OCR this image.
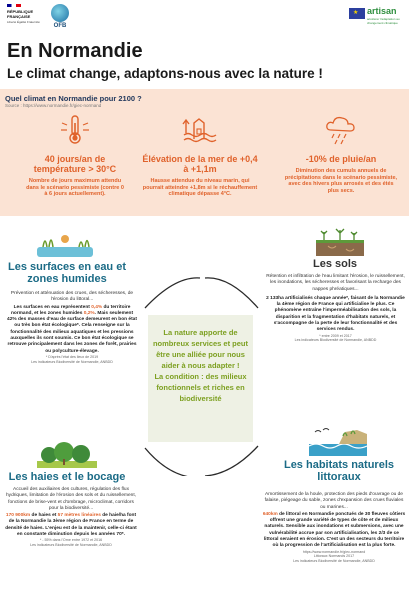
RÉPUBLIQUE FRANÇAISE
Liberté Égalité Fraternité
OFB
★ artisan
accélérer l'adaptation au changement climatique
En Normandie
Le climat change, adaptons-nous avec la nature !
Quel climat en Normandie pour 2100 ?
Source : https://www.normandie.fr/giec-normand
40 jours/an de température > 30°C
Nombre de jours maximum attendu dans le scénario pessimiste (contre 0 à 6 jours actuellement).
Élévation de la mer de +0,4 à +1,1m
Hausse attendue du niveau marin, qui pourrait atteindre +1,8m si le réchauffement climatique dépasse 4°C.
-10% de pluie/an
Diminution des cumuls annuels de précipitations dans le scénario pessimiste, avec des hivers plus arrosés et des étés plus secs.
Les surfaces en eau et zones humides
Prévention et atténuation des crues, des sécheresses, de l'érosion du littoral...
Les surfaces en eau représentent 0,4% du territoire normand, et les zones humides 0,2%. Mais seulement 42% des masses d'eau de surface demeurent en bon état ou très bon état écologique*. Cela renseigne sur la fonctionnalité des milieux aquatiques et les pressions auxquelles ils sont soumis. Ce bon état écologique se retrouve principalement dans les zones de forêt, prairies ou polyculture-élevage.
* D'après l'état des lieux de 2019
Les indicateurs Biodiversité de Normandie, ANBDD
Les haies et le bocage
Accueil des auxiliaires des cultures, régulation des flux hydriques, limitation de l'érosion des sols et du ruissellement, fonctions de brise-vent et d'ombrage, microclimat, corridors pour la biodiversité...
170 900km de haies et 57 mètres linéaires de haie/ha font de la Normandie la 3ème région de France en terme de densité de haies. L'enjeu est de la maintenir, celle-ci étant en constante diminution depuis les années 70*.
* - 55% dans l'Orne entre 1972 et 2016
Les indicateurs Biodiversité de Normandie, ANBDD
Les sols
Rétention et infiltration de l'eau limitant l'érosion, le ruissellement, les inondations, les sécheresses et favorisant la recharge des nappes phréatiques...
2 133ha artificialisés chaque année*, faisant de la Normandie la 4ème région de France qui artificialise le plus. Ce phénomène entraîne l'imperméabilisation des sols, la disparition et la fragmentation d'habitats naturels, et s'accompagne de la perte de leur fonctionnalité et des services rendus.
* entre 2009 et 2017
Les indicateurs Biodiversité de Normandie, ANBDD
Les habitats naturels littoraux
Amortissement de la houle, protection des pieds d'ouvrage ou de falaise, piégeage du sable, zones d'expansion des crues fluviales ou marines...
640km de littoral en Normandie ponctués de 30 fleuves côtiers offrent une grande variété de types de côte et de milieux naturels. Sensible aux inondations et submersions, avec une vulnérabilité accrue par son artificialisation, les 2/3 de ce littoral seraient en érosion. C'est un des secteurs du territoire où la progression de l'artificialisation est la plus forte.
https://www.normandie.fr/giec-normand
Littoraux Normands 2017
Les indicateurs Biodiversité de Normandie, ANBDD
La nature apporte de nombreux services et peut être une alliée pour nous aider à nous adapter !
La condition : des milieux fonctionnels et riches en biodiversité
